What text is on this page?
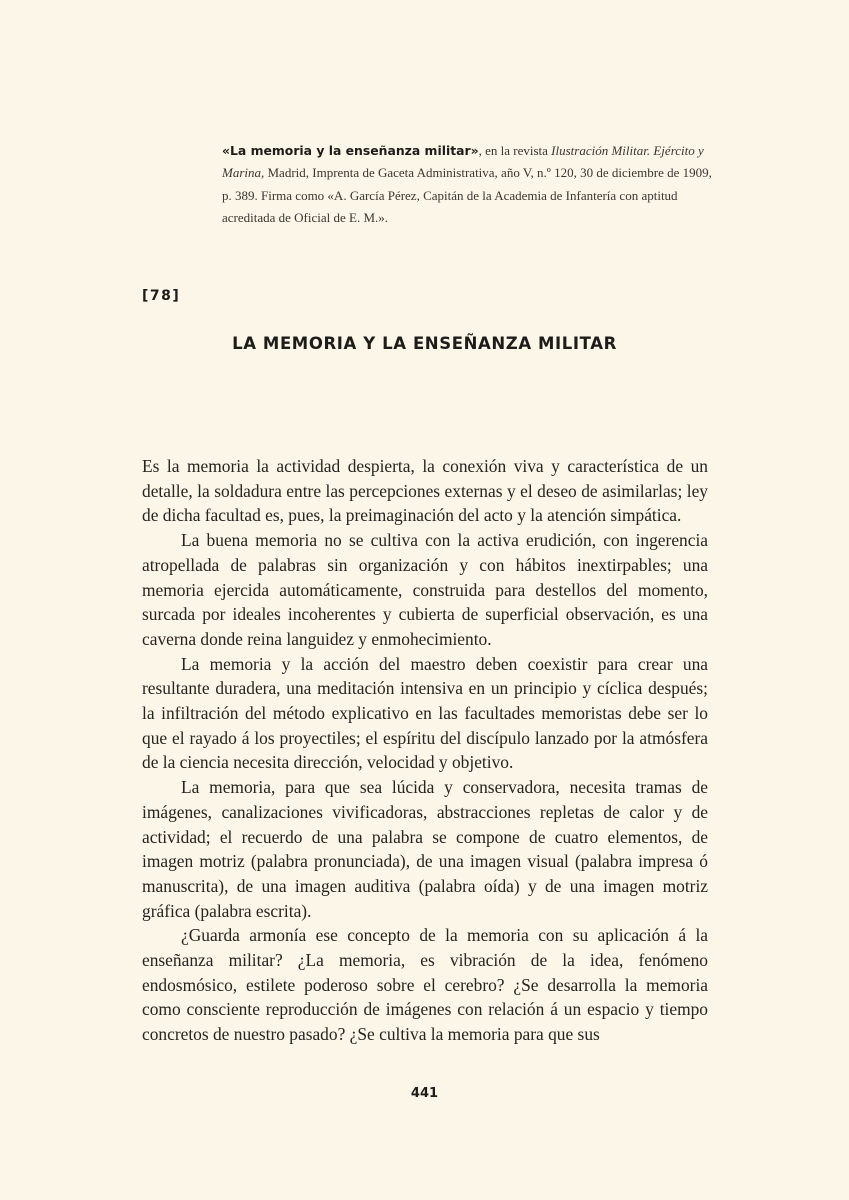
«La memoria y la enseñanza militar», en la revista Ilustración Militar. Ejército y Marina, Madrid, Imprenta de Gaceta Administrativa, año V, n.º 120, 30 de diciembre de 1909, p. 389. Firma como «A. García Pérez, Capitán de la Academia de Infantería con aptitud acreditada de Oficial de E. M.».
[78]
LA MEMORIA Y LA ENSEÑANZA MILITAR

Es la memoria la actividad despierta, la conexión viva y característica de un detalle, la soldadura entre las percepciones externas y el deseo de asimilarlas; ley de dicha facultad es, pues, la preimaginación del acto y la atención simpática.

La buena memoria no se cultiva con la activa erudición, con ingerencia atropellada de palabras sin organización y con hábitos inextirpables; una memoria ejercida automáticamente, construida para destellos del momento, surcada por ideales incoherentes y cubierta de superficial observación, es una caverna donde reina languidez y enmohecimiento.

La memoria y la acción del maestro deben coexistir para crear una resultante duradera, una meditación intensiva en un principio y cíclica después; la infiltración del método explicativo en las facultades memoristas debe ser lo que el rayado á los proyectiles; el espíritu del discípulo lanzado por la atmósfera de la ciencia necesita dirección, velocidad y objetivo.

La memoria, para que sea lúcida y conservadora, necesita tramas de imágenes, canalizaciones vivificadoras, abstracciones repletas de calor y de actividad; el recuerdo de una palabra se compone de cuatro elementos, de imagen motriz (palabra pronunciada), de una imagen visual (palabra impresa ó manuscrita), de una imagen auditiva (palabra oída) y de una imagen motriz gráfica (palabra escrita).

¿Guarda armonía ese concepto de la memoria con su aplicación á la enseñanza militar? ¿La memoria, es vibración de la idea, fenómeno endosmósico, estilete poderoso sobre el cerebro? ¿Se desarrolla la memoria como consciente reproducción de imágenes con relación á un espacio y tiempo concretos de nuestro pasado? ¿Se cultiva la memoria para que sus

441
